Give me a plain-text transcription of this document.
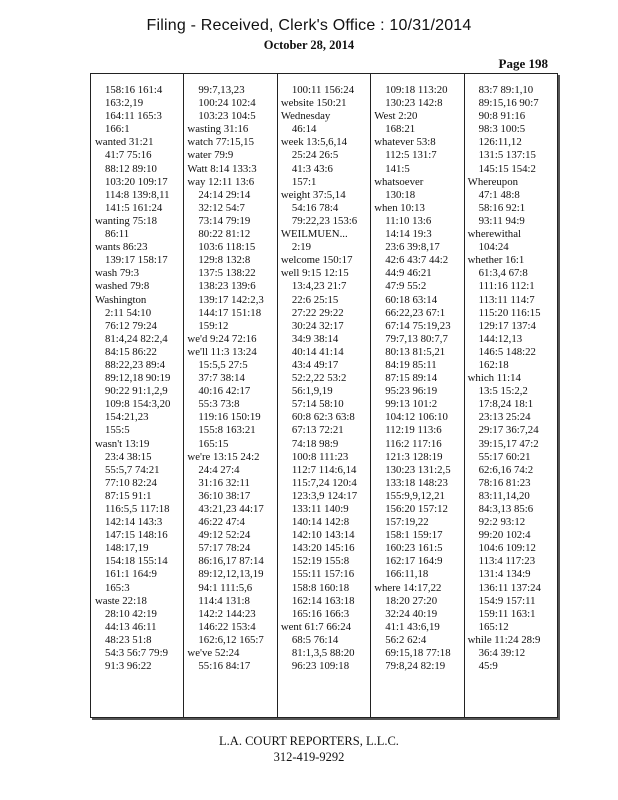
Filing - Received, Clerk's Office : 10/31/2014
October 28, 2014
Page 198
158:16 161:4
163:2,19
164:11 165:3
166:1
wanted 31:21
41:7 75:16
88:12 89:10
103:20 109:17
114:8 139:8,11
141:5 161:24
wanting 75:18
86:11
wants 86:23
139:17 158:17
wash 79:3
washed 79:8
Washington
2:11 54:10
76:12 79:24
81:4,24 82:2,4
84:15 86:22
88:22,23 89:4
89:12,18 90:19
90:22 91:1,2,9
109:8 154:3,20
154:21,23
155:5
wasn't 13:19
23:4 38:15
55:5,7 74:21
77:10 82:24
87:15 91:1
116:5,5 117:18
142:14 143:3
147:15 148:16
148:17,19
154:18 155:14
161:1 164:9
165:3
waste 22:18
28:10 42:19
44:13 46:11
48:23 51:8
54:3 56:7 79:9
91:3 96:22
99:7,13,23
100:24 102:4
103:23 104:5
wasting 31:16
watch 77:15,15
water 79:9
Watt 8:14 133:3
way 12:11 13:6
24:14 29:14
32:12 54:7
73:14 79:19
80:22 81:12
103:6 118:15
129:8 132:8
137:5 138:22
138:23 139:6
139:17 142:2,3
144:17 151:18
159:12
we'd 9:24 72:16
we'll 11:3 13:24
15:5,5 27:5
37:7 38:14
40:16 42:17
55:3 73:8
119:16 150:19
155:8 163:21
165:15
we're 13:15 24:2
24:4 27:4
31:16 32:11
36:10 38:17
43:21,23 44:17
46:22 47:4
49:12 52:24
57:17 78:24
86:16,17 87:14
89:12,12,13,19
94:1 111:5,6
114:4 131:8
142:2 144:23
146:22 153:4
162:6,12 165:7
we've 52:24
55:16 84:17
100:11 156:24
website 150:21
Wednesday
46:14
week 13:5,6,14
25:24 26:5
41:3 43:6
157:1
weight 37:5,14
54:16 78:4
79:22,23 153:6
WEILMUEN...
2:19
welcome 150:17
well 9:15 12:15
13:4,23 21:7
22:6 25:15
27:22 29:22
30:24 32:17
34:9 38:14
40:14 41:14
43:4 49:17
52:2,22 53:2
56:1,9,19
57:14 58:10
60:8 62:3 63:8
67:13 72:21
74:18 98:9
100:8 111:23
112:7 114:6,14
115:7,24 120:4
123:3,9 124:17
133:11 140:9
140:14 142:8
142:10 143:14
143:20 145:16
152:19 155:8
155:11 157:16
158:8 160:18
162:14 163:18
165:16 166:3
went 61:7 66:24
68:5 76:14
81:1,3,5 88:20
96:23 109:18
109:18 113:20
130:23 142:8
West 2:20
168:21
whatever 53:8
112:5 131:7
141:5
whatsoever
130:18
when 10:13
11:10 13:6
14:14 19:3
23:6 39:8,17
42:6 43:7 44:2
44:9 46:21
47:9 55:2
60:18 63:14
66:22,23 67:1
67:14 75:19,23
79:7,13 80:7,7
80:13 81:5,21
84:19 85:11
87:15 89:14
95:23 96:19
99:13 101:2
104:12 106:10
112:19 113:6
116:2 117:16
121:3 128:19
130:23 131:2,5
133:18 148:23
155:9,9,12,21
156:20 157:12
157:19,22
158:1 159:17
160:23 161:5
162:17 164:9
166:11,18
where 14:17,22
18:20 27:20
32:24 40:19
41:1 43:6,19
56:2 62:4
69:15,18 77:18
79:8,24 82:19
83:7 89:1,10
89:15,16 90:7
90:8 91:16
98:3 100:5
126:11,12
131:5 137:15
145:15 154:2
Whereupon
47:1 48:8
58:16 92:1
93:11 94:9
wherewithal
104:24
whether 16:1
61:3,4 67:8
111:16 112:1
113:11 114:7
115:20 116:15
129:17 137:4
144:12,13
146:5 148:22
162:18
which 11:14
13:5 15:2,2
17:8,24 18:1
23:13 25:24
29:17 36:7,24
39:15,17 47:2
55:17 60:21
62:6,16 74:2
78:16 81:23
83:11,14,20
84:3,13 85:6
92:2 93:12
99:20 102:4
104:6 109:12
113:4 117:23
131:4 134:9
136:11 137:24
154:9 157:11
159:11 163:1
165:12
while 11:24 28:9
36:4 39:12
45:9
L.A. COURT REPORTERS, L.L.C.
312-419-9292
